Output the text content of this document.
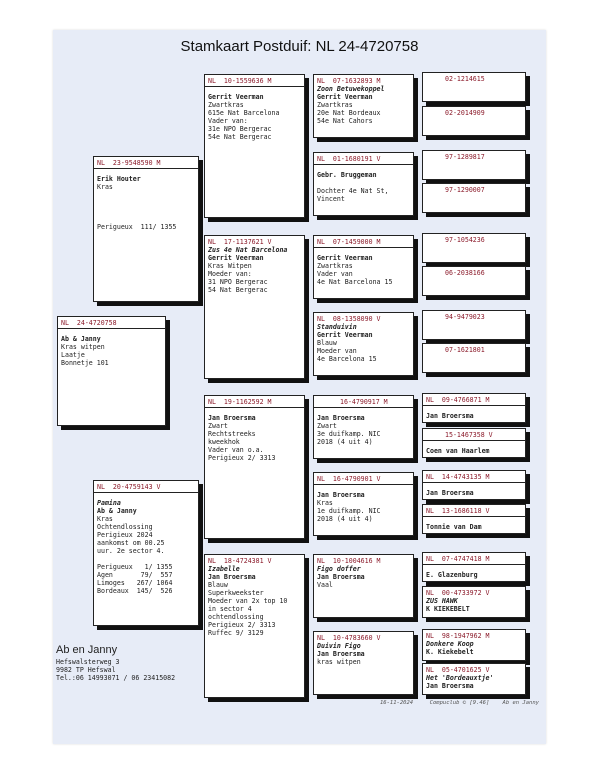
Stamkaart Postduif: NL 24-4720758
NL  24-4720758
Ab & Janny
Kras witpen
Laatje
Bonnetje 101
NL  23-9548590 M
Erik Houter
Kras
Perigueux  111/ 1355
NL  20-4759143 V
Pamina
Ab & Janny
Kras
Ochtendlossing
Perigieux 2024
aankomst om 00.25
uur. 2e sector 4.
Perigueux   1/ 1355
Agen       79/  557
Limoges   267/ 1064
Bordeaux  145/  526
NL  10-1559636 M
Gerrit Veerman
Zwartkras
615e Nat Barcelona
Vader van:
31e NPO Bergerac
54e Nat Bergerac
NL  17-1137621 V
Zus 4e Nat Barcelona
Gerrit Veerman
Kras Witpen
Moeder van:
31 NPO Bergerac
54 Nat Bergerac
NL  19-1162592 M
Jan Broersma
Zwart
Rechtstreeks
kweekhok
Vader van o.a.
Perigieux 2/ 3313
NL  18-4724381 V
Izabelle
Jan Broersma
Blauw
Superkweekster
Moeder van 2x top 10
in sector 4
ochtendlossing
Perigieux 2/ 3313
Ruffec 9/ 3129
NL  07-1632893 M
Zoon Betuwekoppel
Gerrit Veerman
Zwartkras
20e Nat Bordeaux
54e Nat Cahors
NL  01-1680191 V
Gebr. Bruggeman
Dochter 4e Nat St,
Vincent
NL  07-1459000 M
Gerrit Veerman
Zwartkras
Vader van
4e Nat Barcelona 15
NL  08-1358090 V
Standuivin
Gerrit Veerman
Blauw
Moeder van
4e Barcelona 15
16-4790917 M
Jan Broersma
Zwart
3e duifkamp. NIC
2018 (4 uit 4)
NL  16-4790901 V
Jan Broersma
Kras
1e duifkamp. NIC
2018 (4 uit 4)
NL  10-1004616 M
Figo doffer
Jan Broersma
Vaal
NL  10-4783660 V
Duivin Figo
Jan Broersma
kras witpen
02-1214615
02-2014909
97-1289817
97-1290007
97-1054236
06-2038166
94-9479023
07-1621801
NL  09-4766871 M
Jan Broersma
15-1467358 V
Coen van Haarlem
NL  14-4743135 M
Jan Broersma
NL  13-1686118 V
Tonnie van Dam
NL  07-4747418 M
E. Glazenburg
NL  00-4733972 V
ZUS HAWK
K KIEKEBELT
NL  98-1947962 M
Donkere Koop
K. Kiekebelt
NL  05-4701625 V
Het 'Bordeauxtje'
Jan Broersma
Ab en Janny
Hefswalsterweg 3
9982 TP Hefswal
Tel.:06 14993071 / 06 23415082
16-11-2024     Compuclub © [9.46]    Ab en Janny
